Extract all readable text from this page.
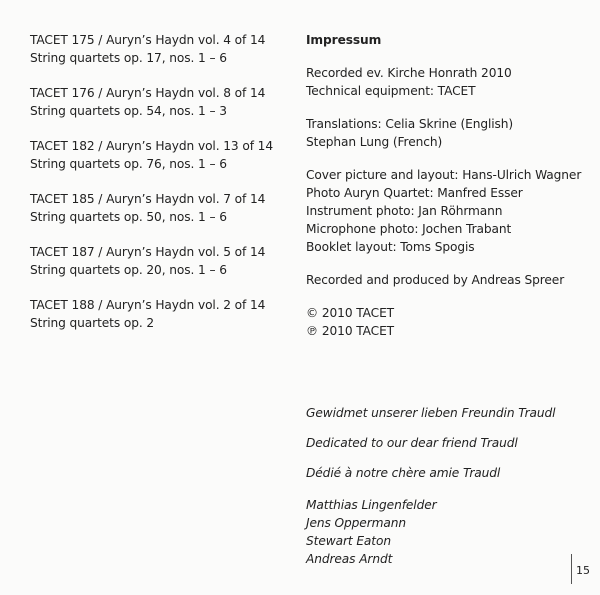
TACET 175 / Auryn’s Haydn vol. 4 of 14

String quartets op. 17, nos. 1 – 6

TACET 176 / Auryn’s Haydn vol. 8 of 14

String quartets op. 54, nos. 1 – 3

TACET 182 / Auryn’s Haydn vol. 13 of 14

String quartets op. 76, nos. 1 – 6

TACET 185 / Auryn’s Haydn vol. 7 of 14

String quartets op. 50, nos. 1 – 6

TACET 187 / Auryn’s Haydn vol. 5 of 14

String quartets op. 20, nos. 1 – 6

TACET 188 / Auryn’s Haydn vol. 2 of 14

String quartets op. 2

Impressum

Recorded ev. Kirche Honrath 2010

Technical equipment: TACET

Translations: Celia Skrine (English)

Stephan Lung (French)

Cover picture and layout: Hans-Ulrich Wagner

Photo Auryn Quartet: Manfred Esser

Instrument photo: Jan Röhrmann

Microphone photo: Jochen Trabant

Booklet layout: Toms Spogis

Recorded and produced by Andreas Spreer

© 2010 TACET

℗ 2010 TACET

Gewidmet unserer lieben Freundin Traudl

Dedicated to our dear friend Traudl

Dédié à notre chère amie Traudl

Matthias Lingenfelder

Jens Oppermann

Stewart Eaton

Andreas Arndt

15
